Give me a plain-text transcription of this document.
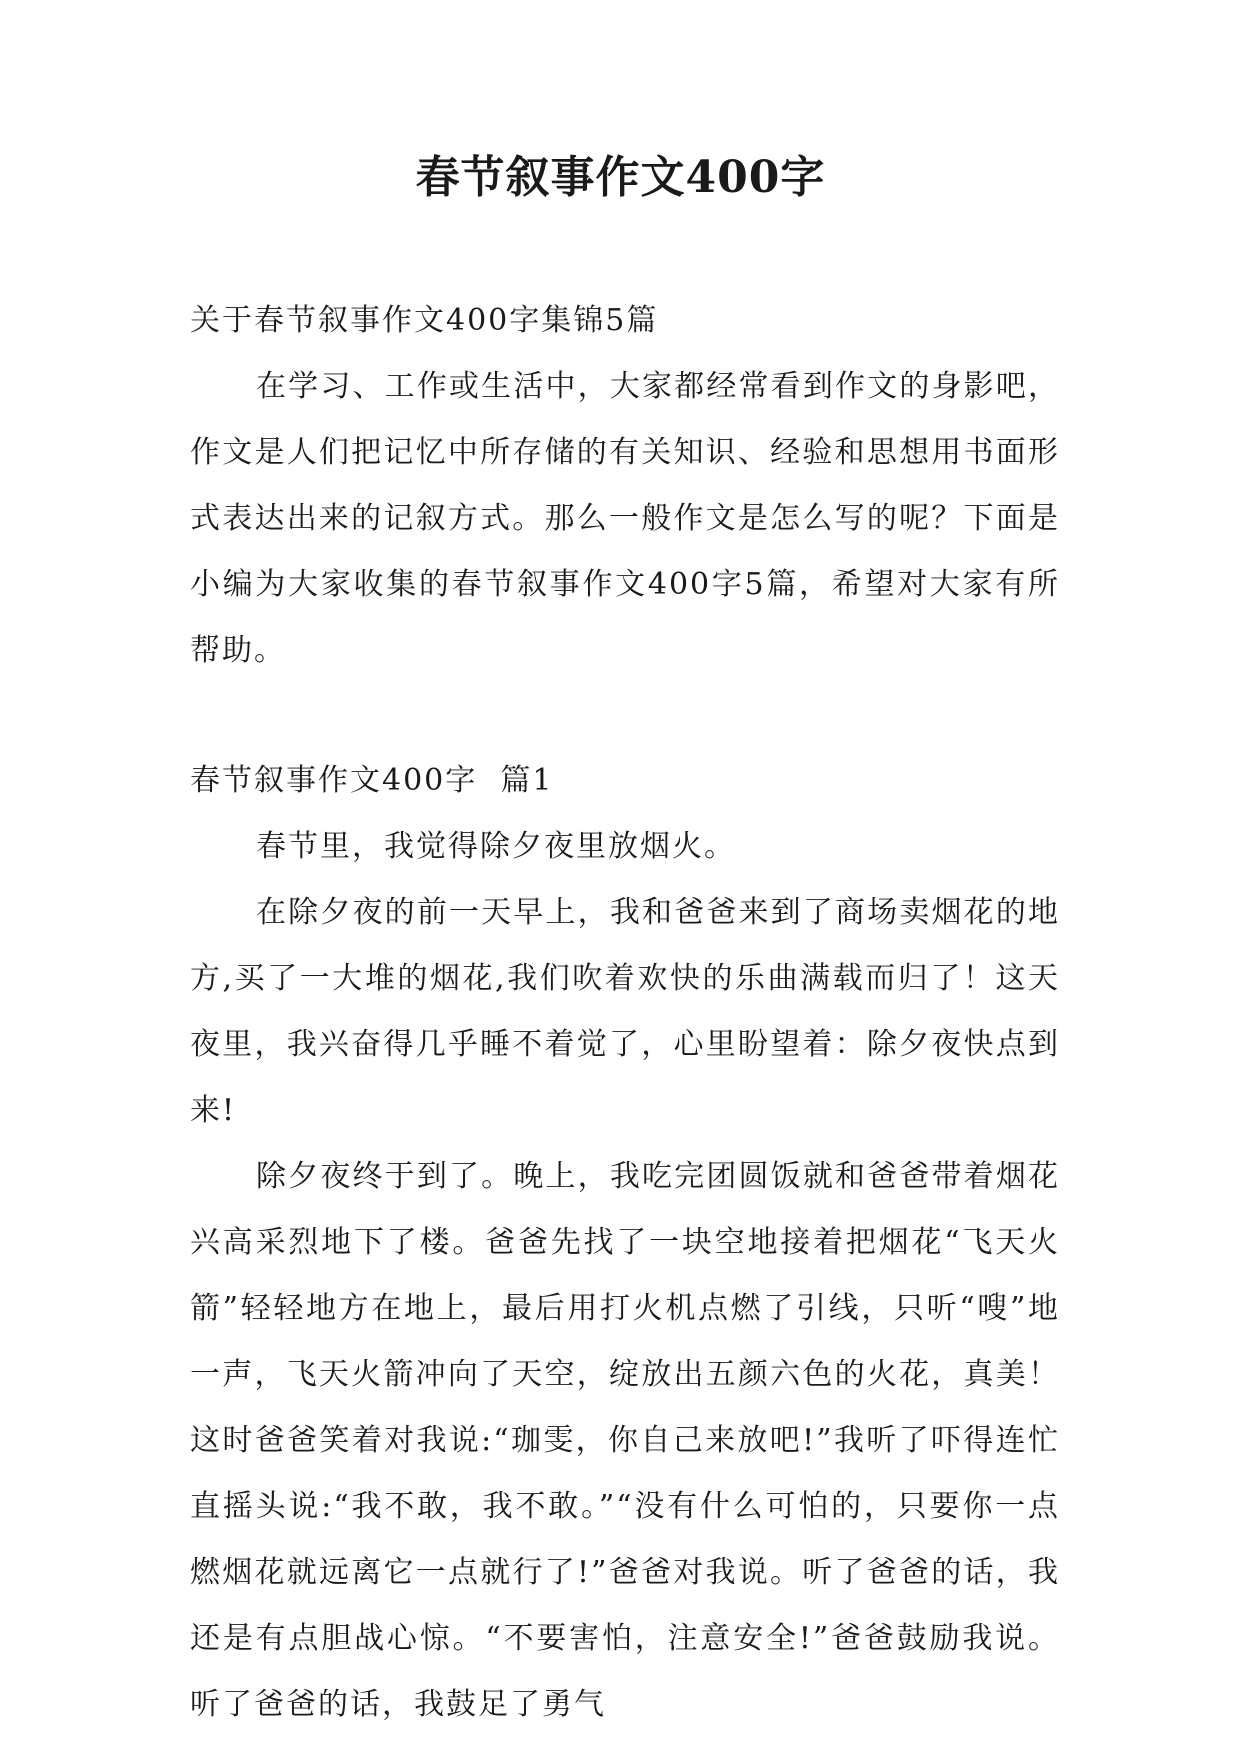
春节叙事作文400字

关于春节叙事作文400字集锦5篇

在学习、工作或生活中，大家都经常看到作文的身影吧，作文是人们把记忆中所存储的有关知识、经验和思想用书面形式表达出来的记叙方式。那么一般作文是怎么写的呢？下面是小编为大家收集的春节叙事作文400字5篇，希望对大家有所帮助。

春节叙事作文400字  篇1

春节里，我觉得除夕夜里放烟火。

在除夕夜的前一天早上，我和爸爸来到了商场卖烟花的地方,买了一大堆的烟花,我们吹着欢快的乐曲满载而归了！这天夜里，我兴奋得几乎睡不着觉了，心里盼望着：除夕夜快点到来!

除夕夜终于到了。晚上，我吃完团圆饭就和爸爸带着烟花兴高采烈地下了楼。爸爸先找了一块空地接着把烟花“飞天火箭”轻轻地方在地上，最后用打火机点燃了引线，只听“嗖”地一声，飞天火箭冲向了天空，绽放出五颜六色的火花，真美！这时爸爸笑着对我说:“珈雯，你自己来放吧!”我听了吓得连忙直摇头说:“我不敢，我不敢。”“没有什么可怕的，只要你一点燃烟花就远离它一点就行了!”爸爸对我说。听了爸爸的话，我还是有点胆战心惊。“不要害怕，注意安全!”爸爸鼓励我说。听了爸爸的话，我鼓足了勇气
